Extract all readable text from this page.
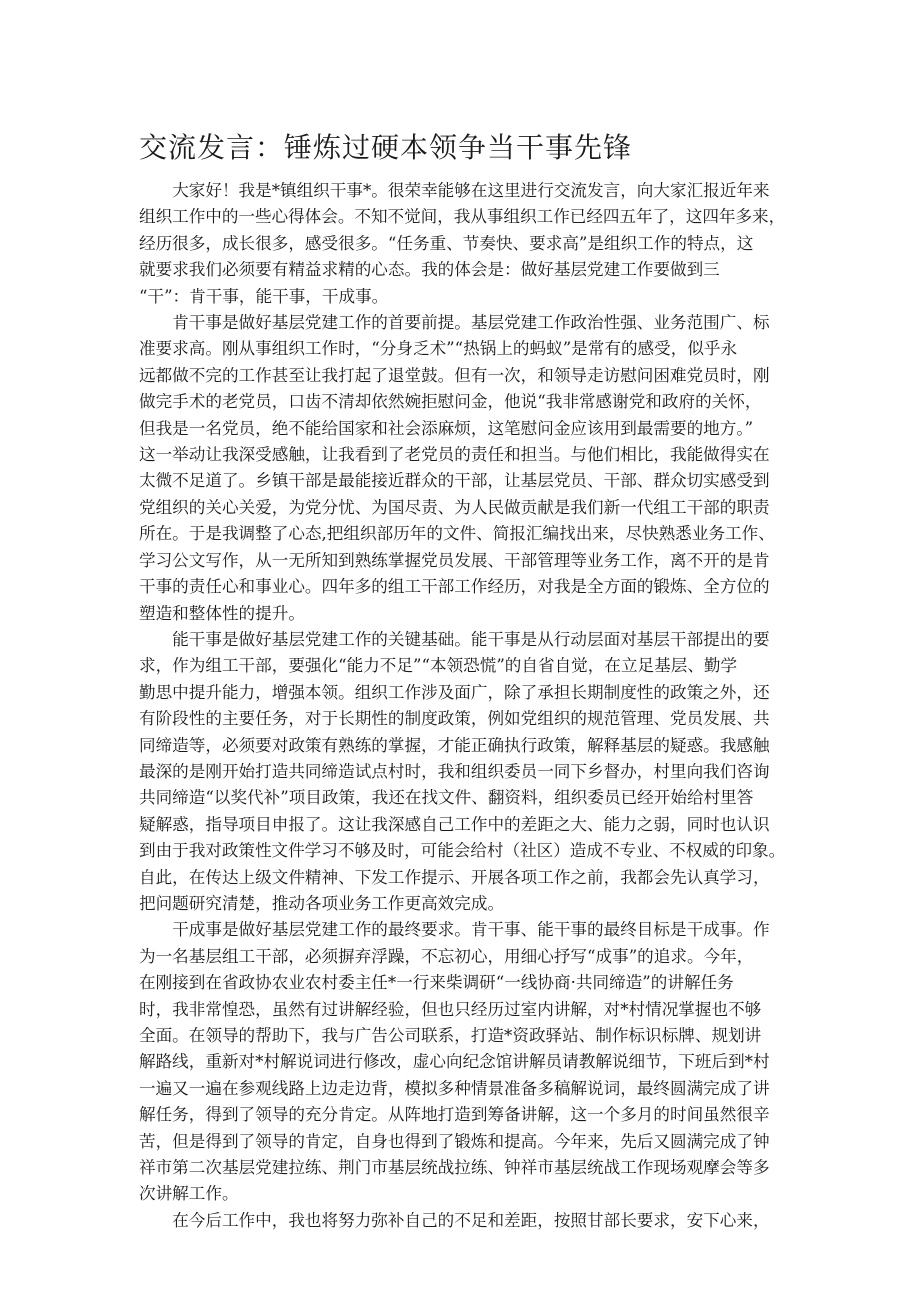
交流发言：锤炼过硬本领争当干事先锋

大家好！我是*镇组织干事*。很荣幸能够在这里进行交流发言，向大家汇报近年来
组织工作中的一些心得体会。不知不觉间，我从事组织工作已经四五年了，这四年多来，
经历很多，成长很多，感受很多。“任务重、节奏快、要求高”是组织工作的特点，这
就要求我们必须要有精益求精的心态。我的体会是：做好基层党建工作要做到三
“干”：肯干事，能干事，干成事。

肯干事是做好基层党建工作的首要前提。基层党建工作政治性强、业务范围广、标
准要求高。刚从事组织工作时，“分身乏术”“热锅上的蚂蚁”是常有的感受，似乎永
远都做不完的工作甚至让我打起了退堂鼓。但有一次，和领导走访慰问困难党员时，刚
做完手术的老党员，口齿不清却依然婉拒慰问金，他说“我非常感谢党和政府的关怀，
但我是一名党员，绝不能给国家和社会添麻烦，这笔慰问金应该用到最需要的地方。”
这一举动让我深受感触，让我看到了老党员的责任和担当。与他们相比，我能做得实在
太微不足道了。乡镇干部是最能接近群众的干部，让基层党员、干部、群众切实感受到
党组织的关心关爱，为党分忧、为国尽责、为人民做贡献是我们新一代组工干部的职责
所在。于是我调整了心态,把组织部历年的文件、简报汇编找出来，尽快熟悉业务工作、
学习公文写作，从一无所知到熟练掌握党员发展、干部管理等业务工作，离不开的是肯
干事的责任心和事业心。四年多的组工干部工作经历，对我是全方面的锻炼、全方位的
塑造和整体性的提升。

能干事是做好基层党建工作的关键基础。能干事是从行动层面对基层干部提出的要
求，作为组工干部，要强化“能力不足”“本领恐慌”的自省自觉，在立足基层、勤学
勤思中提升能力，增强本领。组织工作涉及面广，除了承担长期制度性的政策之外，还
有阶段性的主要任务，对于长期性的制度政策，例如党组织的规范管理、党员发展、共
同缔造等，必须要对政策有熟练的掌握，才能正确执行政策，解释基层的疑惑。我感触
最深的是刚开始打造共同缔造试点村时，我和组织委员一同下乡督办，村里向我们咨询
共同缔造“以奖代补”项目政策，我还在找文件、翻资料，组织委员已经开始给村里答
疑解惑，指导项目申报了。这让我深感自己工作中的差距之大、能力之弱，同时也认识
到由于我对政策性文件学习不够及时，可能会给村（社区）造成不专业、不权威的印象。
自此，在传达上级文件精神、下发工作提示、开展各项工作之前，我都会先认真学习，
把问题研究清楚，推动各项业务工作更高效完成。

干成事是做好基层党建工作的最终要求。肯干事、能干事的最终目标是干成事。作
为一名基层组工干部，必须摒弃浮躁，不忘初心，用细心抒写“成事”的追求。今年，
在刚接到在省政协农业农村委主任*一行来柴调研“一线协商·共同缔造”的讲解任务
时，我非常惶恐，虽然有过讲解经验，但也只经历过室内讲解，对*村情况掌握也不够
全面。在领导的帮助下，我与广告公司联系，打造*资政驿站、制作标识标牌、规划讲
解路线，重新对*村解说词进行修改，虚心向纪念馆讲解员请教解说细节，下班后到*村
一遍又一遍在参观线路上边走边背，模拟多种情景准备多稿解说词，最终圆满完成了讲
解任务，得到了领导的充分肯定。从阵地打造到筹备讲解，这一个多月的时间虽然很辛
苦，但是得到了领导的肯定，自身也得到了锻炼和提高。今年来，先后又圆满完成了钟
祥市第二次基层党建拉练、荆门市基层统战拉练、钟祥市基层统战工作现场观摩会等多
次讲解工作。

在今后工作中，我也将努力弥补自己的不足和差距，按照甘部长要求，安下心来，
